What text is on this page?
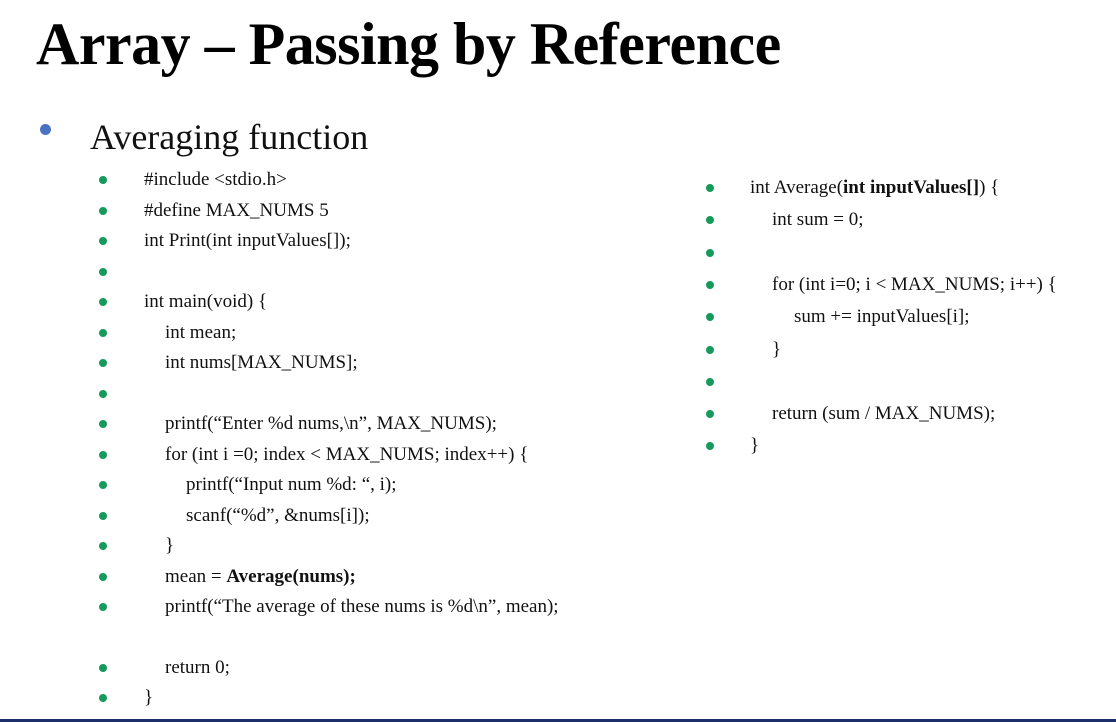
Array – Passing by Reference
Averaging function
#include <stdio.h>
#define MAX_NUMS 5
int Print(int inputValues[]);
int main(void) {
int mean;
int nums[MAX_NUMS];
printf(“Enter %d nums,\n”, MAX_NUMS);
for (int i =0; index < MAX_NUMS; index++) {
printf(“Input num %d: “, i);
scanf(“%d”, &nums[i]);
}
mean = Average(nums);
printf(“The average of these nums is %d\n”, mean);
return 0;
}
int Average(int inputValues[]) {
int sum = 0;
for (int i=0; i < MAX_NUMS; i++) {
sum += inputValues[i];
}
return (sum / MAX_NUMS);
}
